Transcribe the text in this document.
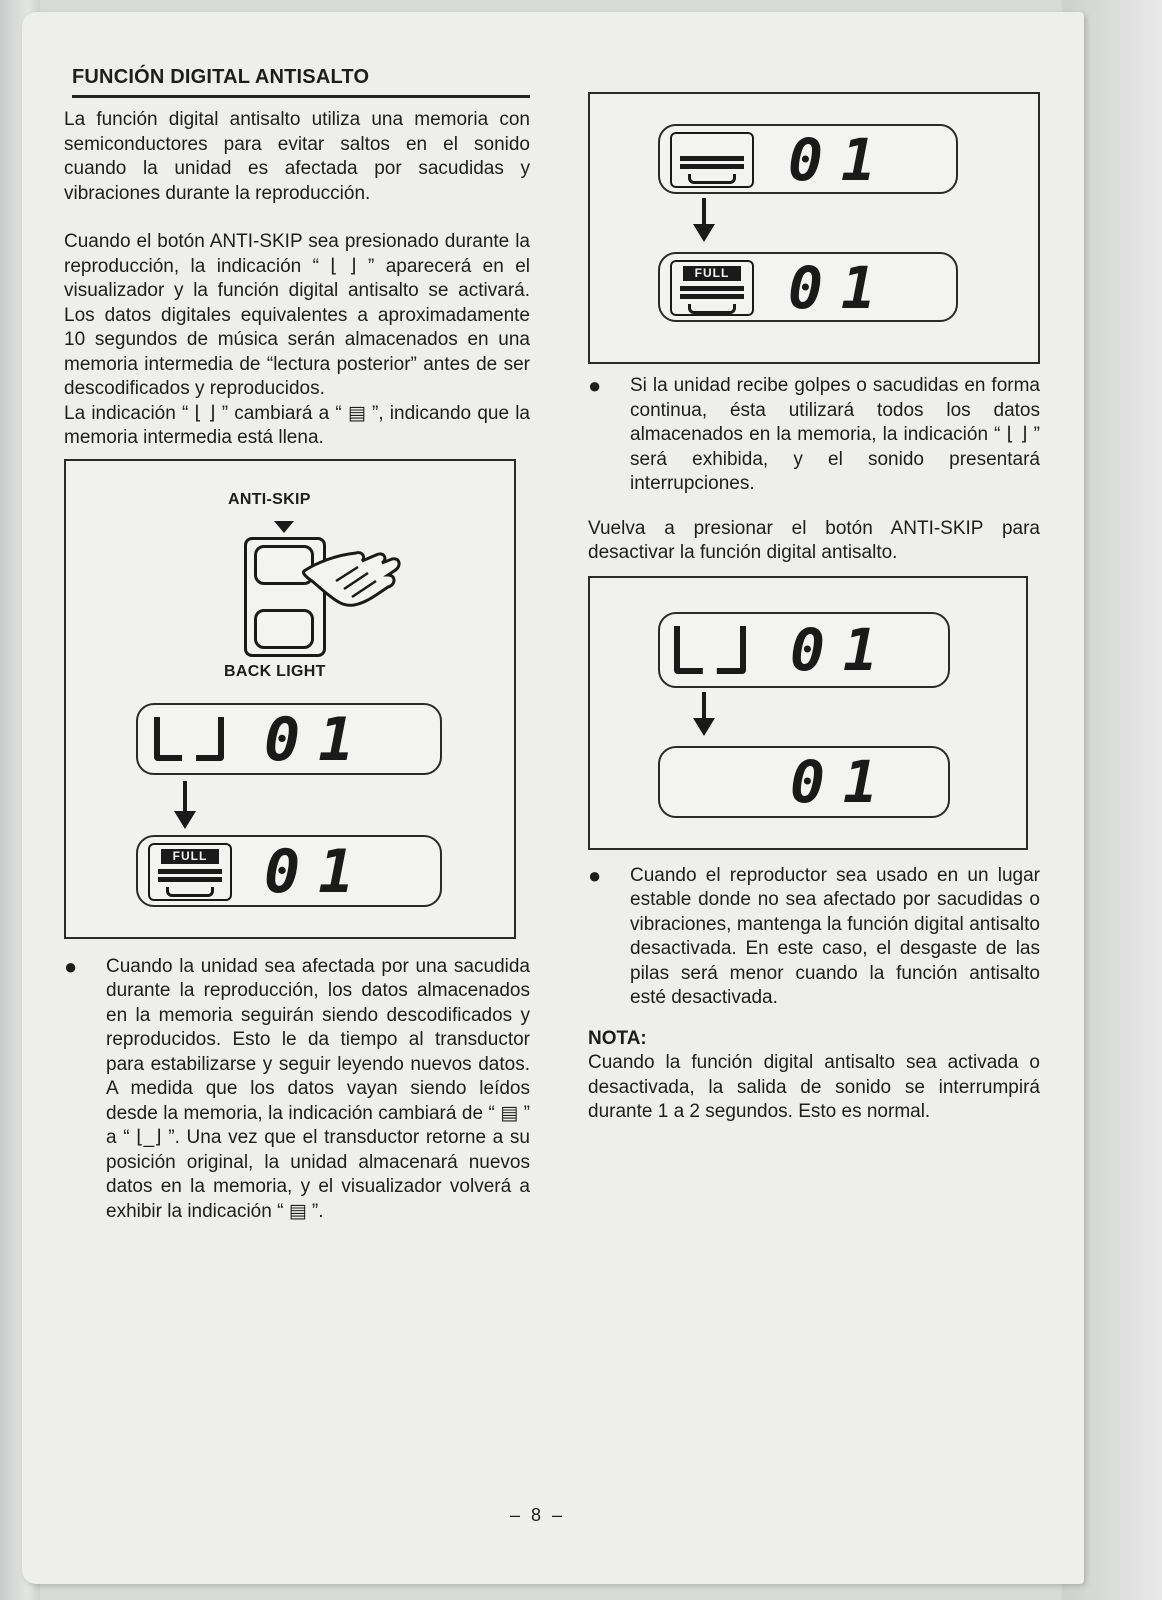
FUNCIÓN DIGITAL ANTISALTO

La función digital antisalto utiliza una memoria con semiconductores para evitar saltos en el sonido cuando la unidad es afectada por sacudidas y vibraciones durante la reproducción.

Cuando el botón ANTI-SKIP sea presionado durante la reproducción, la indicación “ ⌊ ⌋ ” aparecerá en el visualizador y la función digital antisalto se activará. Los datos digitales equivalentes a aproximadamente 10 segundos de música serán almacenados en una memoria intermedia de “lectura posterior” antes de ser descodificados y reproducidos.

La indicación “ ⌊ ⌋ ” cambiará a “ ▤ ”, indicando que la memoria intermedia está llena.

ANTI-SKIP
BACK LIGHT
01
FULL 01
● Cuando la unidad sea afectada por una sacudida durante la reproducción, los datos almacenados en la memoria seguirán siendo descodificados y reproducidos. Esto le da tiempo al transductor para estabilizarse y seguir leyendo nuevos datos. A medida que los datos vayan siendo leídos desde la memoria, la indicación cambiará de “ ▤ ” a “ ⌊_⌋ ”. Una vez que el transductor retorne a su posición original, la unidad almacenará nuevos datos en la memoria, y el visualizador volverá a exhibir la indicación “ ▤ ”.

01
FULL 01
● Si la unidad recibe golpes o sacudidas en forma continua, ésta utilizará todos los datos almacenados en la memoria, la indicación “ ⌊ ⌋ ” será exhibida, y el sonido presentará interrupciones.

Vuelva a presionar el botón ANTI-SKIP para desactivar la función digital antisalto.

01
01
● Cuando el reproductor sea usado en un lugar estable donde no sea afectado por sacudidas o vibraciones, mantenga la función digital antisalto desactivada. En este caso, el desgaste de las pilas será menor cuando la función antisalto esté desactivada.

NOTA:

Cuando la función digital antisalto sea activada o desactivada, la salida de sonido se interrumpirá durante 1 a 2 segundos. Esto es normal.

– 8 –
